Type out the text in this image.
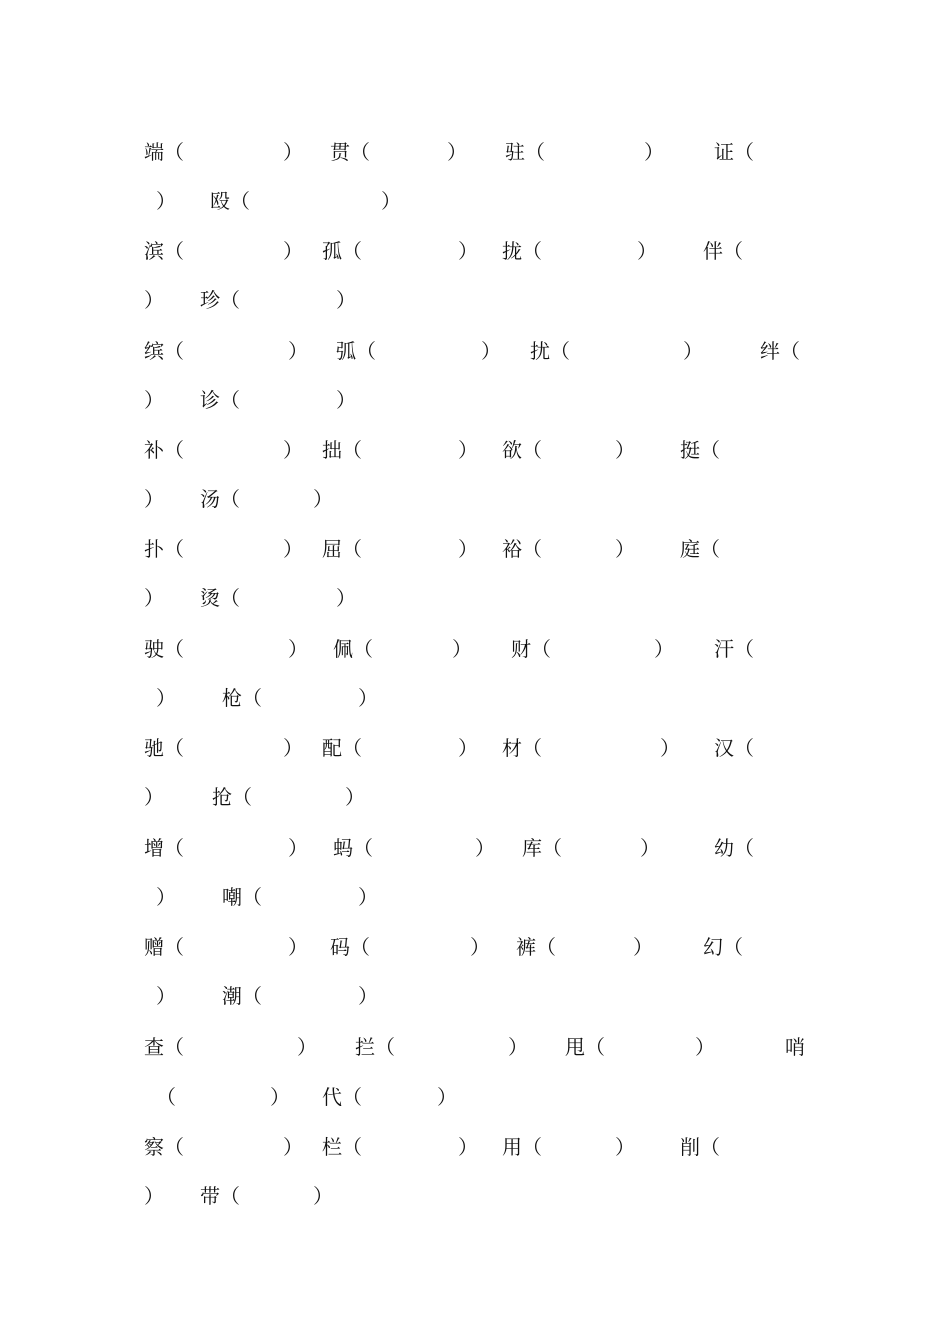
端（	） 贯（	） 驻（	）	证（
） 殴（	）
滨（	） 孤（	） 拢（	） 伴（
） 珍（	）
缤（	） 弧（	） 扰（	）	绊（
） 诊（	）
补（	） 拙（	） 欲（	） 挺（
） 汤（	）
扑（	） 屈（	） 裕（	） 庭（
） 烫（	）
驶（	） 佩（	） 财（	） 汗（
） 枪（	）
驰（	） 配（	） 材（	） 汉（
） 抢（	）
增（	） 蚂（	） 库（	）	幼（
） 嘲（	）
赠（	） 码（	） 裤（	）	幻（
） 潮（	）
查（	） 拦（	） 甩（	）	哨
（	） 代（	）
察（	） 栏（	） 用（	） 削（
） 带（	）
